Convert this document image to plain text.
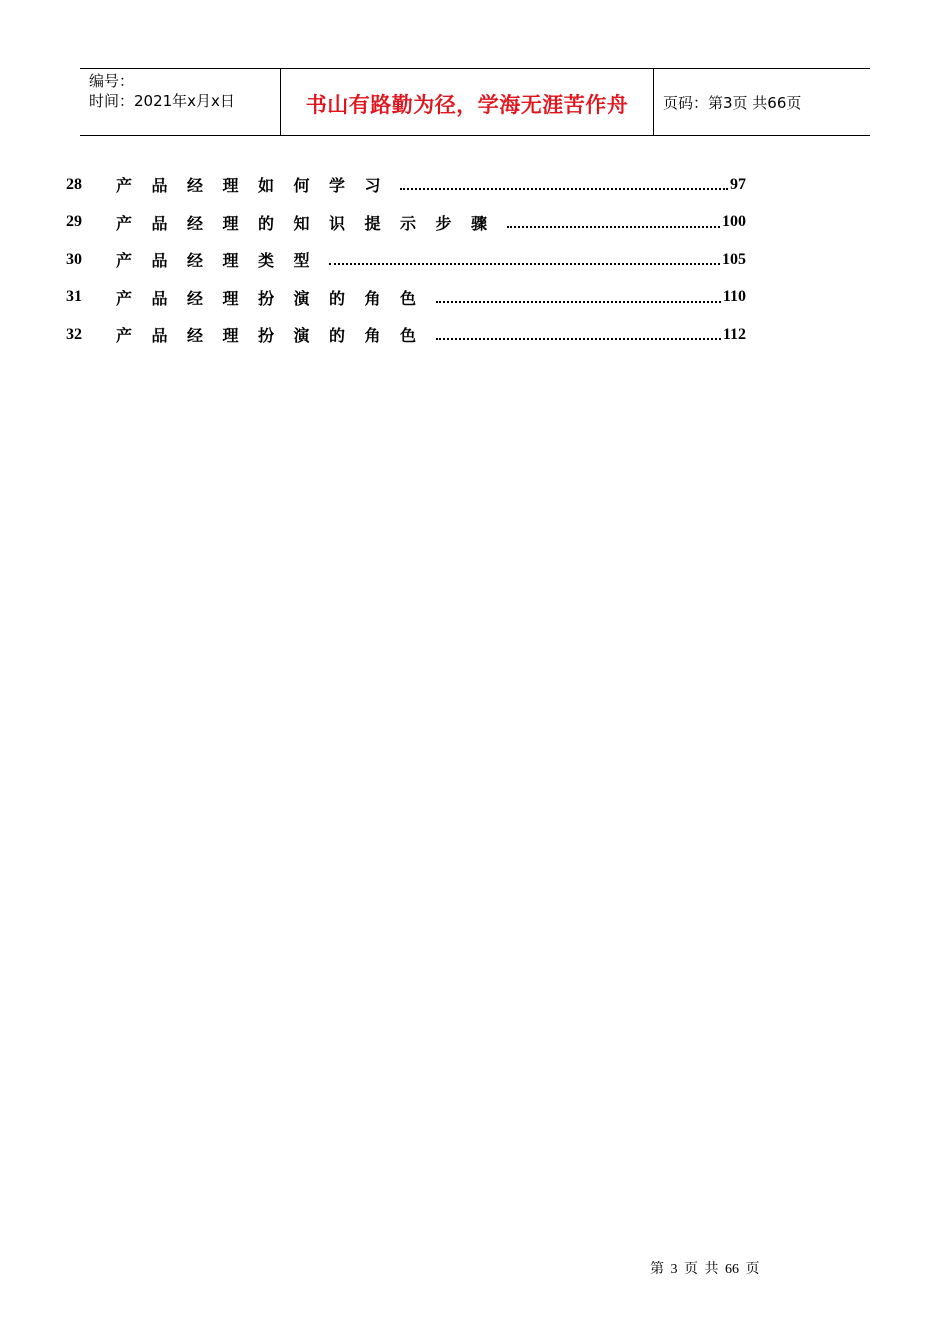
编号：
时间：2021年x月x日	书山有路勤为径，学海无涯苦作舟 页码：第3页 共66页
28	产	品	经	理	如	何	学	习	97
29	产	品	经	理	的	知	识	提	示	步	骤	100
30	产	品	经	理	类	型	105
31	产	品	经	理	扮	演	的	角	色	110
32	产	品	经	理	扮	演	的	角	色	112
第 3 页 共 66 页
